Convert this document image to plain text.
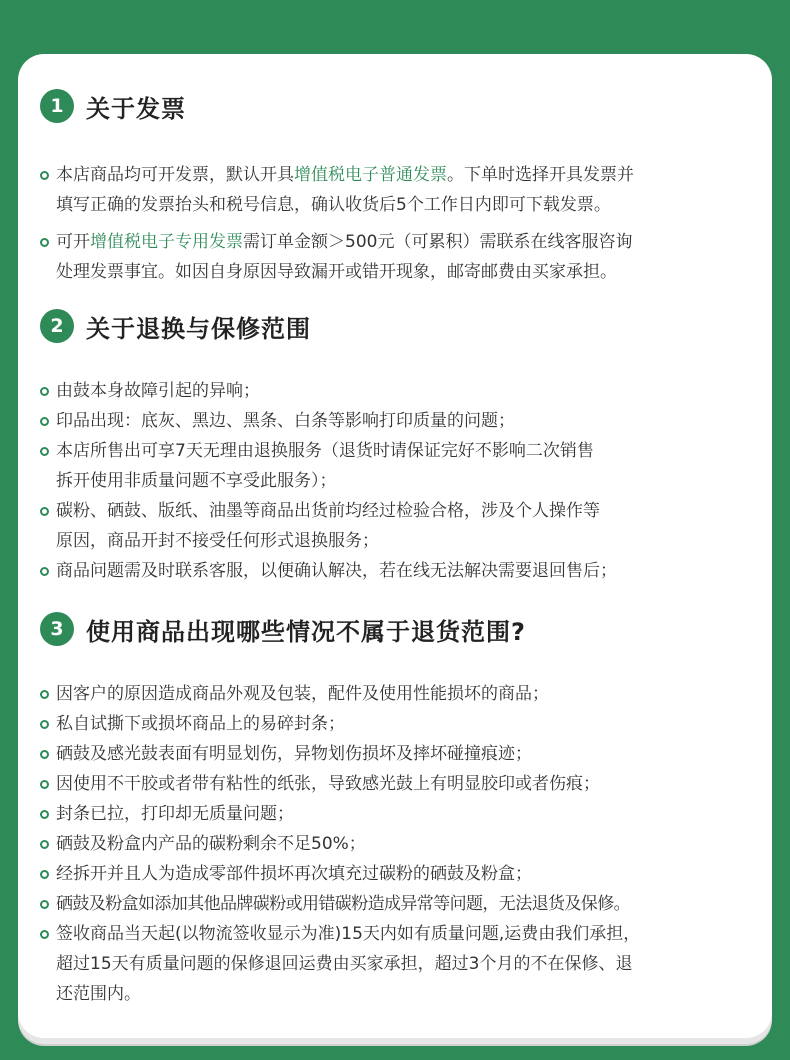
1 关于发票
本店商品均可开发票，默认开具增值税电子普通发票。下单时选择开具发票并
填写正确的发票抬头和税号信息，确认收货后5个工作日内即可下载发票。
可开增值税电子专用发票需订单金额＞500元（可累积）需联系在线客服咨询
处理发票事宜。如因自身原因导致漏开或错开现象，邮寄邮费由买家承担。
2 关于退换与保修范围
由鼓本身故障引起的异响；
印品出现：底灰、黑边、黑条、白条等影响打印质量的问题；
本店所售出可享7天无理由退换服务（退货时请保证完好不影响二次销售
拆开使用非质量问题不享受此服务）；
碳粉、硒鼓、版纸、油墨等商品出货前均经过检验合格，涉及个人操作等
原因，商品开封不接受任何形式退换服务；
商品问题需及时联系客服，以便确认解决，若在线无法解决需要退回售后；
3 使用商品出现哪些情况不属于退货范围?
因客户的原因造成商品外观及包装，配件及使用性能损坏的商品；
私自试撕下或损坏商品上的易碎封条；
硒鼓及感光鼓表面有明显划伤，异物划伤损坏及摔坏碰撞痕迹；
因使用不干胶或者带有粘性的纸张，导致感光鼓上有明显胶印或者伤痕；
封条已拉，打印却无质量问题；
硒鼓及粉盒内产品的碳粉剩余不足50%；
经拆开并且人为造成零部件损坏再次填充过碳粉的硒鼓及粉盒；
硒鼓及粉盒如添加其他品牌碳粉或用错碳粉造成异常等问题，无法退货及保修。
签收商品当天起(以物流签收显示为准)15天内如有质量问题,运费由我们承担，
超过15天有质量问题的保修退回运费由买家承担，超过3个月的不在保修、退
还范围内。
